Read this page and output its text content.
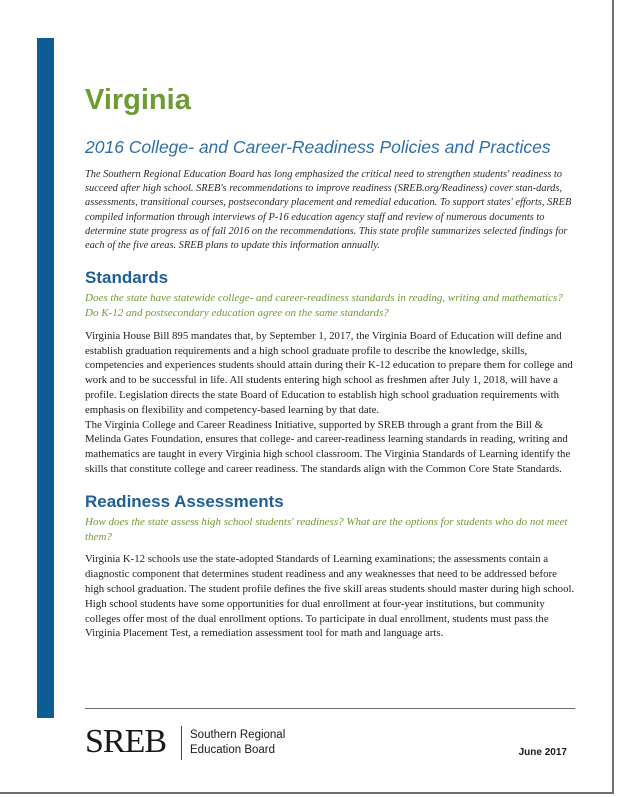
Virginia
2016 College- and Career-Readiness Policies and Practices
The Southern Regional Education Board has long emphasized the critical need to strengthen students' readiness to succeed after high school. SREB's recommendations to improve readiness (SREB.org/Readiness) cover stan-dards, assessments, transitional courses, postsecondary placement and remedial education. To support states' efforts, SREB compiled information through interviews of P-16 education agency staff and review of numerous documents to determine state progress as of fall 2016 on the recommendations. This state profile summarizes selected findings for each of the five areas. SREB plans to update this information annually.
Standards
Does the state have statewide college- and career-readiness standards in reading, writing and mathematics? Do K-12 and postsecondary education agree on the same standards?

Virginia House Bill 895 mandates that, by September 1, 2017, the Virginia Board of Education will define and establish graduation requirements and a high school graduate profile to describe the knowledge, skills, competencies and experiences students should attain during their K-12 education to prepare them for college and work and to be successful in life. All students entering high school as freshmen after July 1, 2018, will have a profile. Legislation directs the state Board of Education to establish high school graduation requirements with emphasis on flexibility and competency-based learning by that date.

The Virginia College and Career Readiness Initiative, supported by SREB through a grant from the Bill & Melinda Gates Foundation, ensures that college- and career-readiness learning standards in reading, writing and mathematics are taught in every Virginia high school classroom. The Virginia Standards of Learning identify the skills that constitute college and career readiness. The standards align with the Common Core State Standards.

Readiness Assessments
How does the state assess high school students' readiness? What are the options for students who do not meet them?

Virginia K-12 schools use the state-adopted Standards of Learning examinations; the assessments contain a diagnostic component that determines student readiness and any weaknesses that need to be addressed before high school graduation. The student profile defines the five skill areas students should master during high school. High school students have some opportunities for dual enrollment at four-year institutions, but community colleges offer most of the dual enrollment options. To participate in dual enrollment, students must pass the Virginia Placement Test, a remediation assessment tool for math and language arts.

SREB Southern Regional
Education Board	June 2017
